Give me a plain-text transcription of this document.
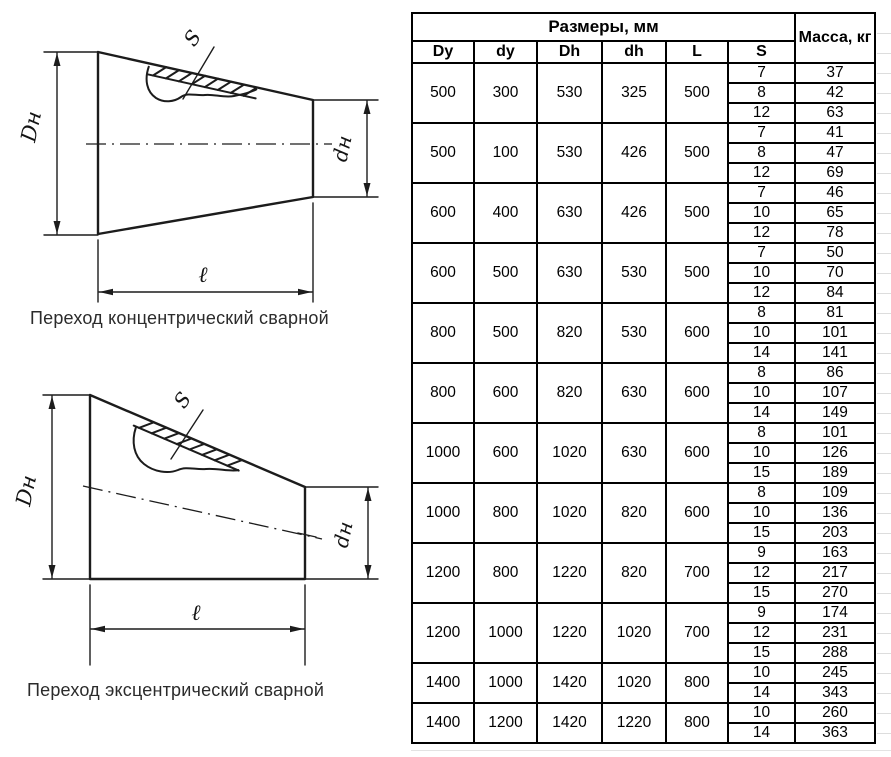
S
Dн
dн
ℓ
S
Dн
dн
ℓ
Переход концентрический сварной
Переход эксцентрический сварной
Размеры, мм						Масса, кг
Dy	dy	Dh	dh	L	S	
500	300	530	325	500	7	37
					8	42
					12	63
500	100	530	426	500	7	41
					8	47
					12	69
600	400	630	426	500	7	46
					10	65
					12	78
600	500	630	530	500	7	50
					10	70
					12	84
800	500	820	530	600	8	81
					10	101
					14	141
800	600	820	630	600	8	86
					10	107
					14	149
1000	600	1020	630	600	8	101
					10	126
					15	189
1000	800	1020	820	600	8	109
					10	136
					15	203
1200	800	1220	820	700	9	163
					12	217
					15	270
1200	1000	1220	1020	700	9	174
					12	231
					15	288
1400	1000	1420	1020	800	10	245
					14	343
1400	1200	1420	1220	800	10	260
					14	363
